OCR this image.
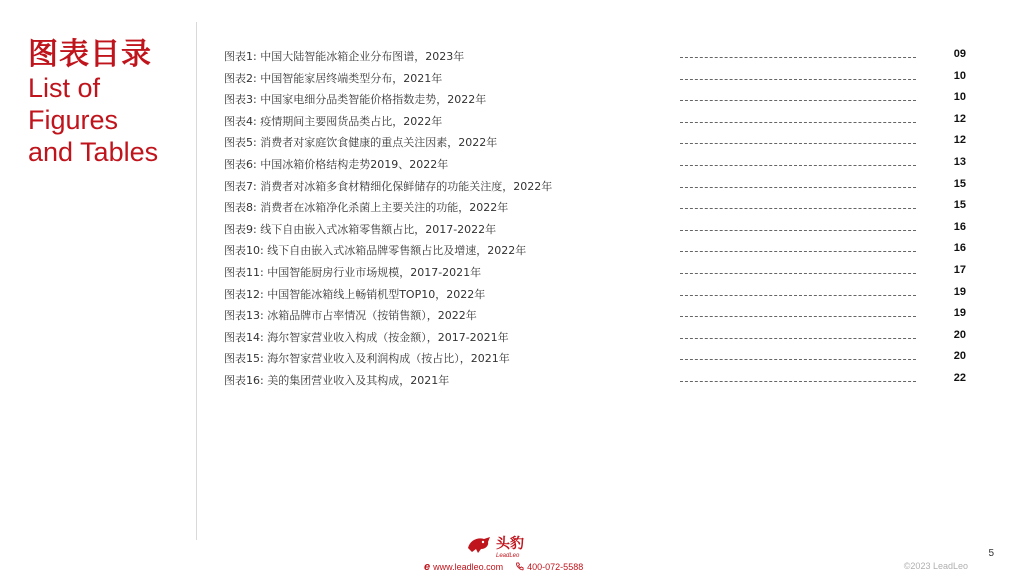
图表目录
List of
Figures
and Tables
图表1: 中国大陆智能冰箱企业分布图谱，2023年	09
图表2: 中国智能家居终端类型分布，2021年	10
图表3: 中国家电细分品类智能价格指数走势，2022年	10
图表4: 疫情期间主要囤货品类占比，2022年	12
图表5: 消费者对家庭饮食健康的重点关注因素，2022年	12
图表6: 中国冰箱价格结构走势2019、2022年	13
图表7: 消费者对冰箱多食材精细化保鲜储存的功能关注度，2022年	15
图表8: 消费者在冰箱净化杀菌上主要关注的功能，2022年	15
图表9: 线下自由嵌入式冰箱零售额占比，2017-2022年	16
图表10: 线下自由嵌入式冰箱品牌零售额占比及增速，2022年	16
图表11: 中国智能厨房行业市场规模，2017-2021年	17
图表12: 中国智能冰箱线上畅销机型TOP10，2022年	19
图表13: 冰箱品牌市占率情况（按销售额），2022年	19
图表14: 海尔智家营业收入构成（按金额），2017-2021年	20
图表15: 海尔智家营业收入及利润构成（按占比），2021年	20
图表16: 美的集团营业收入及其构成，2021年	22
头豹
LeadLeo
e www.leadleo.com	400-072-5588
5
©2023 LeadLeo
